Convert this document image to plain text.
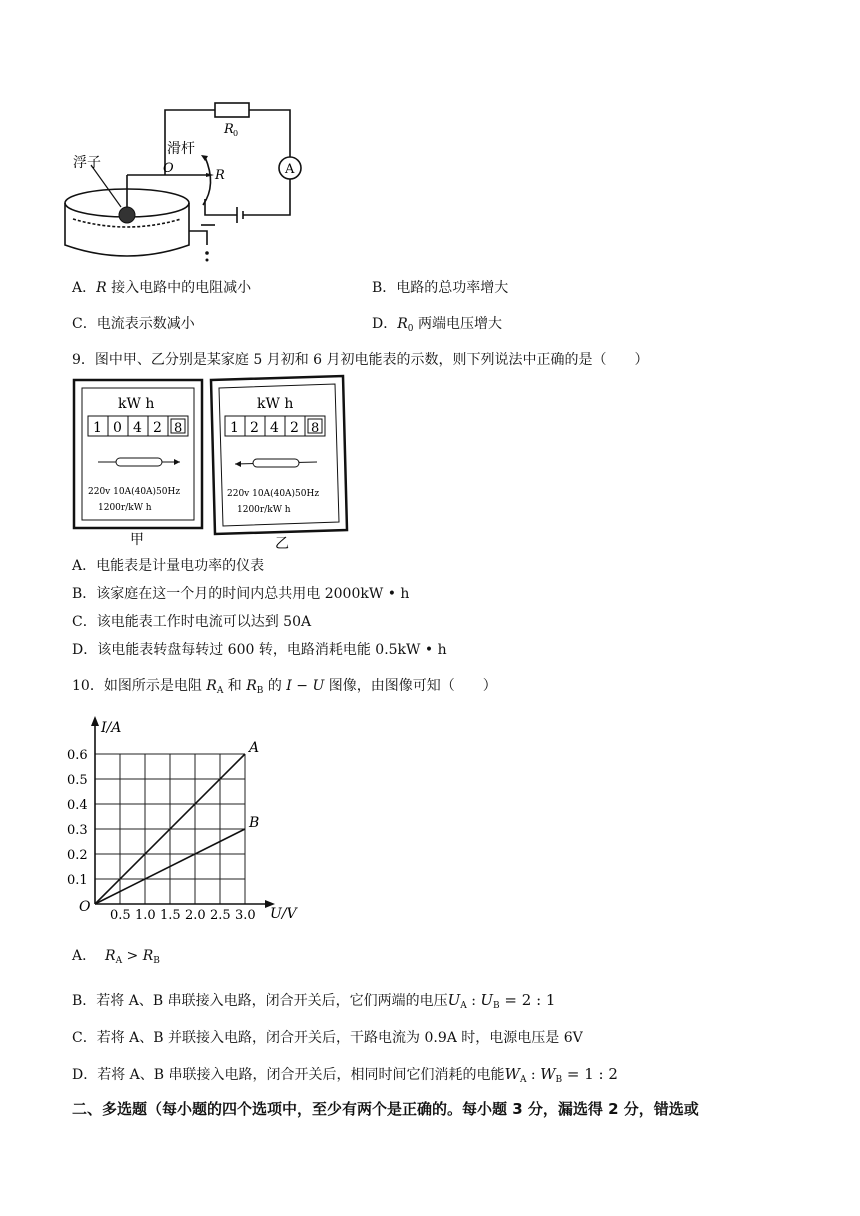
A
R 0
R
O
滑杆
浮子
A．R 接入电路中的电阻减小	B．电路的总功率增大
C．电流表示数减小	D．$R_0$ 两端电压增大
9．图中甲、乙分别是某家庭 5 月初和 6 月初电能表的示数，则下列说法中正确的是（　　）
kW h
1 0 4 2 8
220v 10A(40A)50Hz
1200r/kW h
甲
kW h
1 2 4 2 8
220v 10A(40A)50Hz
1200r/kW h
乙
A．电能表是计量电功率的仪表
B．该家庭在这一个月的时间内总共用电 2000kW • h
C．该电能表工作时电流可以达到 50A
D．该电能表转盘每转过 600 转，电路消耗电能 0.5kW • h
10．如图所示是电阻 $R_A$ 和 $R_B$ 的 I − U 图像，由图像可知（　　）
A
B
0.5 1.0 1.5 2.0 2.5 3.0
0.1
0.2
0.3
0.4
0.5
0.6
I/A
U/V
O
A． $R_A > R_B$
B．若将 A、B 串联接入电路，闭合开关后，它们两端的电压$U_A$ : $U_B = 2$ : 1
C．若将 A、B 并联接入电路，闭合开关后，干路电流为 0.9A 时，电源电压是 6V
D．若将 A、B 串联接入电路，闭合开关后，相同时间它们消耗的电能$W_A$ : $W_B = 1$ : 2
二、多选题（每小题的四个选项中，至少有两个是正确的。每小题 3 分，漏选得 2 分，错选或
